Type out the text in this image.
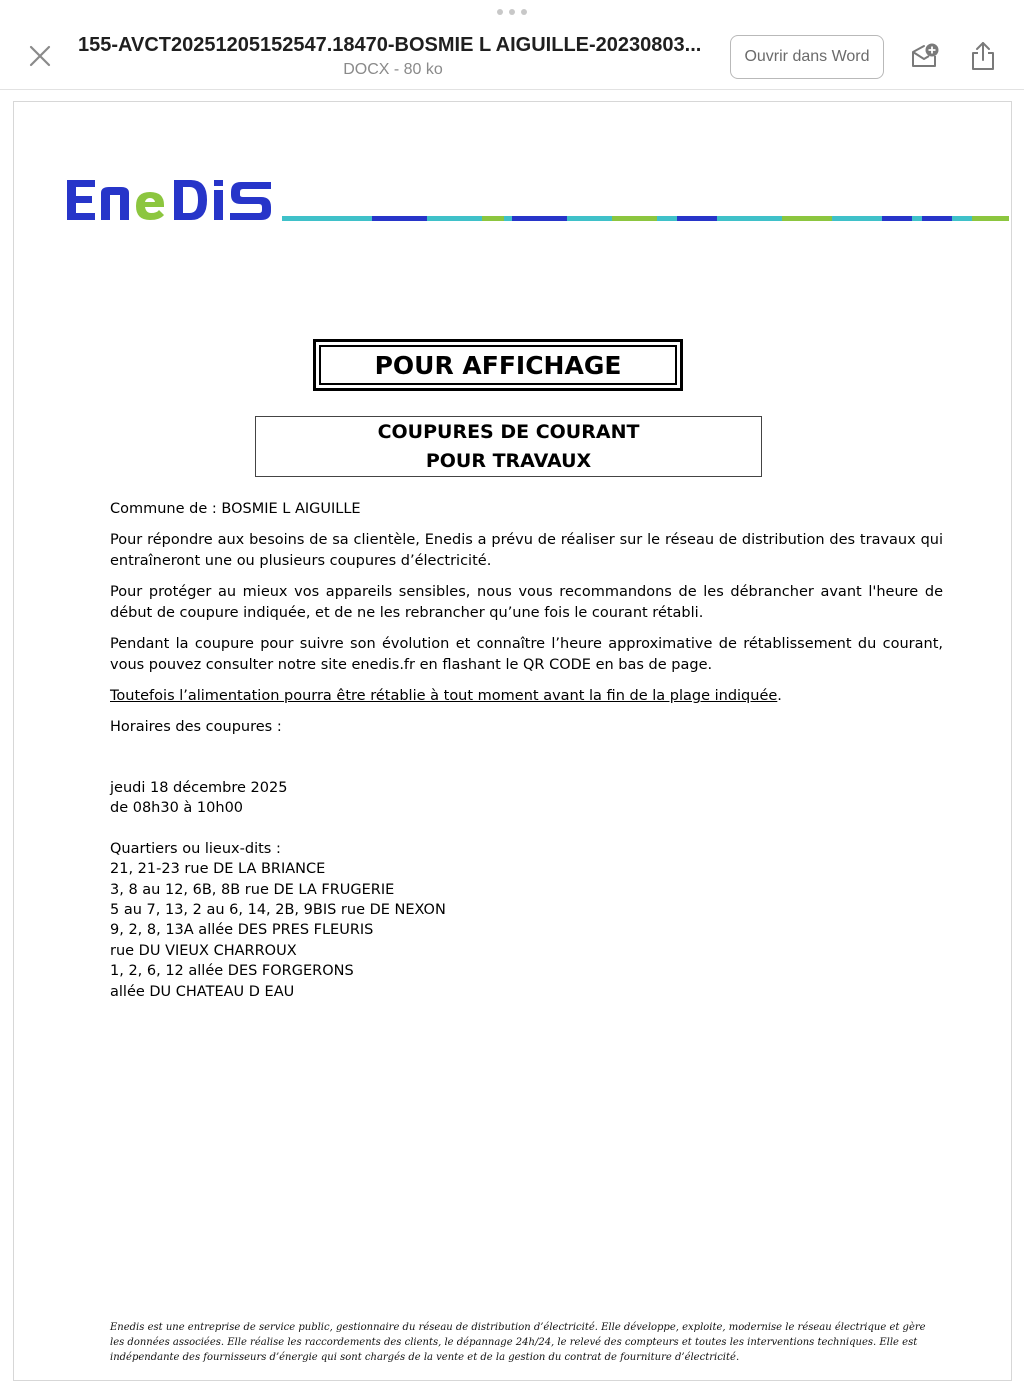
155-AVCT20251205152547.18470-BOSMIE L AIGUILLE-20230803...
DOCX - 80 ko
Ouvrir dans Word
POUR AFFICHAGE
COUPURES DE COURANT
POUR TRAVAUX

Commune de : BOSMIE L AIGUILLE

Pour répondre aux besoins de sa clientèle, Enedis a prévu de réaliser sur le réseau de distribution des travaux qui entraîneront une ou plusieurs coupures d’électricité.

Pour protéger au mieux vos appareils sensibles, nous vous recommandons de les débrancher avant l'heure de début de coupure indiquée, et de ne les rebrancher qu’une fois le courant rétabli.

Pendant la coupure pour suivre son évolution et connaître l’heure approximative de rétablissement du courant, vous pouvez consulter notre site enedis.fr en flashant le QR CODE en bas de page.

Toutefois l’alimentation pourra être rétablie à tout moment avant la fin de la plage indiquée.

Horaires des coupures :

jeudi 18 décembre 2025
de 08h30 à 10h00
Quartiers ou lieux-dits :
21, 21-23 rue DE LA BRIANCE
3, 8 au 12, 6B, 8B rue DE LA FRUGERIE
5 au 7, 13, 2 au 6, 14, 2B, 9BIS rue DE NEXON
9, 2, 8, 13A allée DES PRES FLEURIS
rue DU VIEUX CHARROUX
1, 2, 6, 12 allée DES FORGERONS
allée DU CHATEAU D EAU
Enedis est une entreprise de service public, gestionnaire du réseau de distribution d’électricité. Elle développe, exploite, modernise le réseau électrique et gère les données associées. Elle réalise les raccordements des clients, le dépannage 24h/24, le relevé des compteurs et toutes les interventions techniques. Elle est indépendante des fournisseurs d’énergie qui sont chargés de la vente et de la gestion du contrat de fourniture d’électricité.
